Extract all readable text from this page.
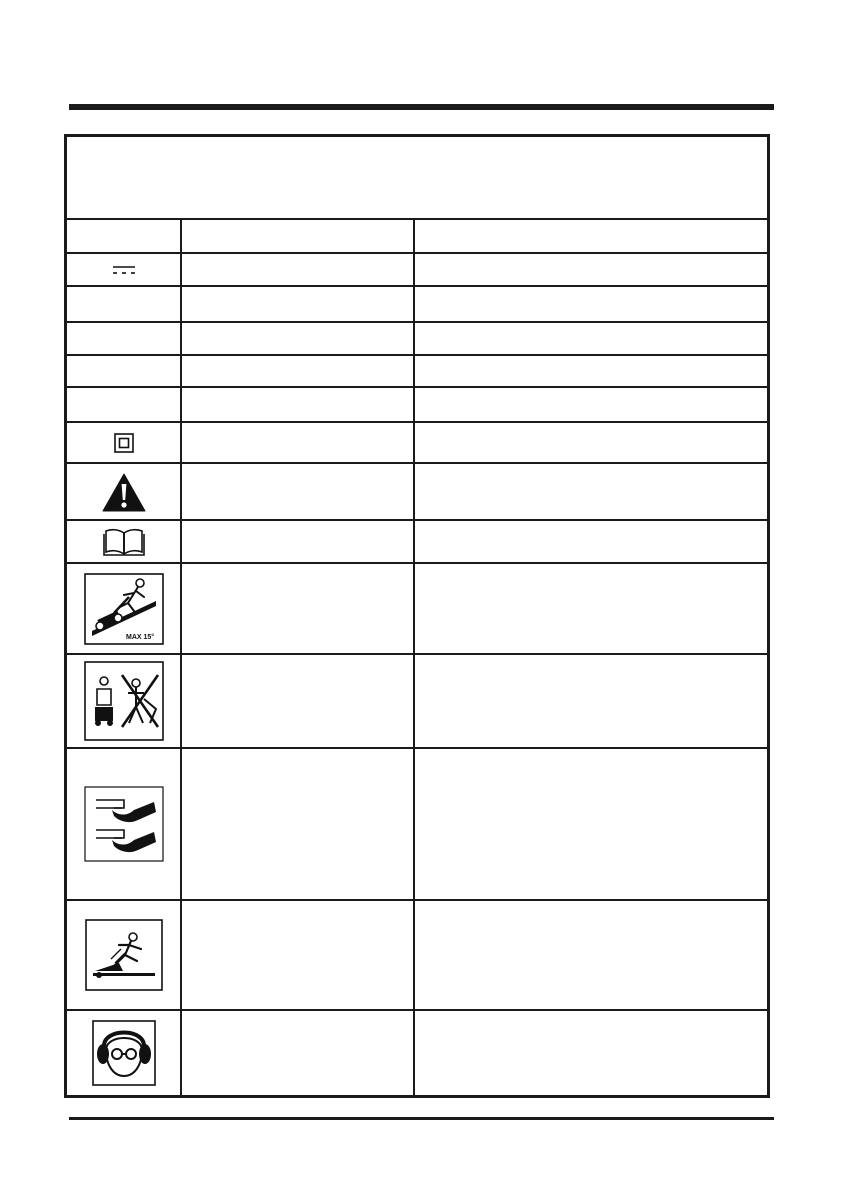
MAX 15°
